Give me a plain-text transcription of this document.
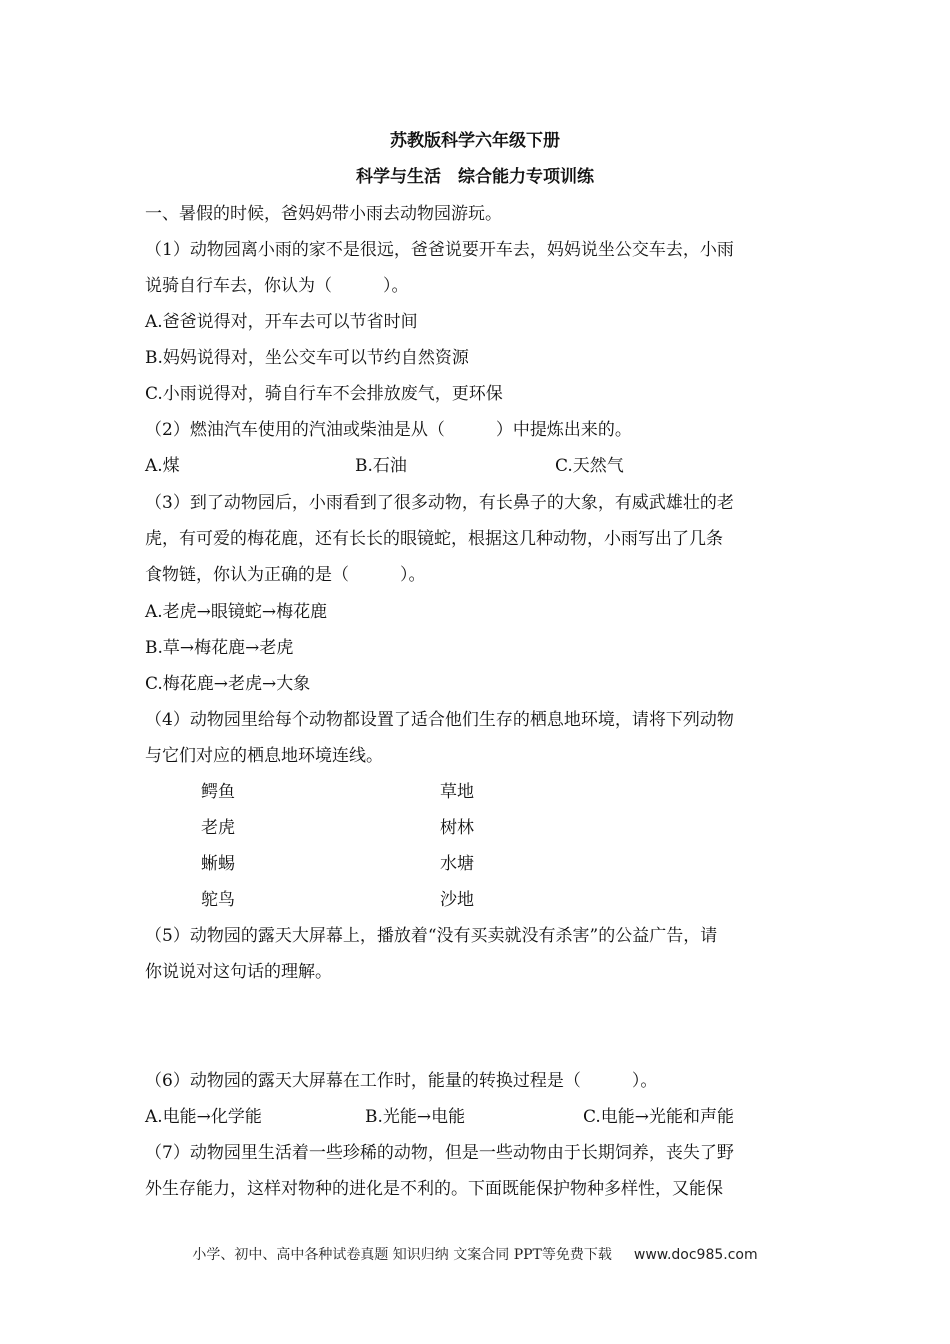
苏教版科学六年级下册
科学与生活　综合能力专项训练
一、暑假的时候，爸妈妈带小雨去动物园游玩。
（1）动物园离小雨的家不是很远，爸爸说要开车去，妈妈说坐公交车去，小雨
说骑自行车去，你认为（　　　）。
A.爸爸说得对，开车去可以节省时间
B.妈妈说得对，坐公交车可以节约自然资源
C.小雨说得对，骑自行车不会排放废气，更环保
（2）燃油汽车使用的汽油或柴油是从（　　　）中提炼出来的。
A.煤	B.石油	C.天然气
（3）到了动物园后，小雨看到了很多动物，有长鼻子的大象，有威武雄壮的老
虎，有可爱的梅花鹿，还有长长的眼镜蛇，根据这几种动物，小雨写出了几条
食物链，你认为正确的是（　　　）。
A.老虎→眼镜蛇→梅花鹿
B.草→梅花鹿→老虎
C.梅花鹿→老虎→大象
（4）动物园里给每个动物都设置了适合他们生存的栖息地环境，请将下列动物
与它们对应的栖息地环境连线。
鳄鱼	草地
老虎	树林
蜥蜴	水塘
鸵鸟	沙地
（5）动物园的露天大屏幕上，播放着“没有买卖就没有杀害”的公益广告，请
你说说对这句话的理解。
（6）动物园的露天大屏幕在工作时，能量的转换过程是（　　　）。
A.电能→化学能	B.光能→电能	C.电能→光能和声能
（7）动物园里生活着一些珍稀的动物，但是一些动物由于长期饲养，丧失了野
外生存能力，这样对物种的进化是不利的。下面既能保护物种多样性，又能保
小学、初中、高中各种试卷真题 知识归纳 文案合同 PPT等免费下载 www.doc985.com
